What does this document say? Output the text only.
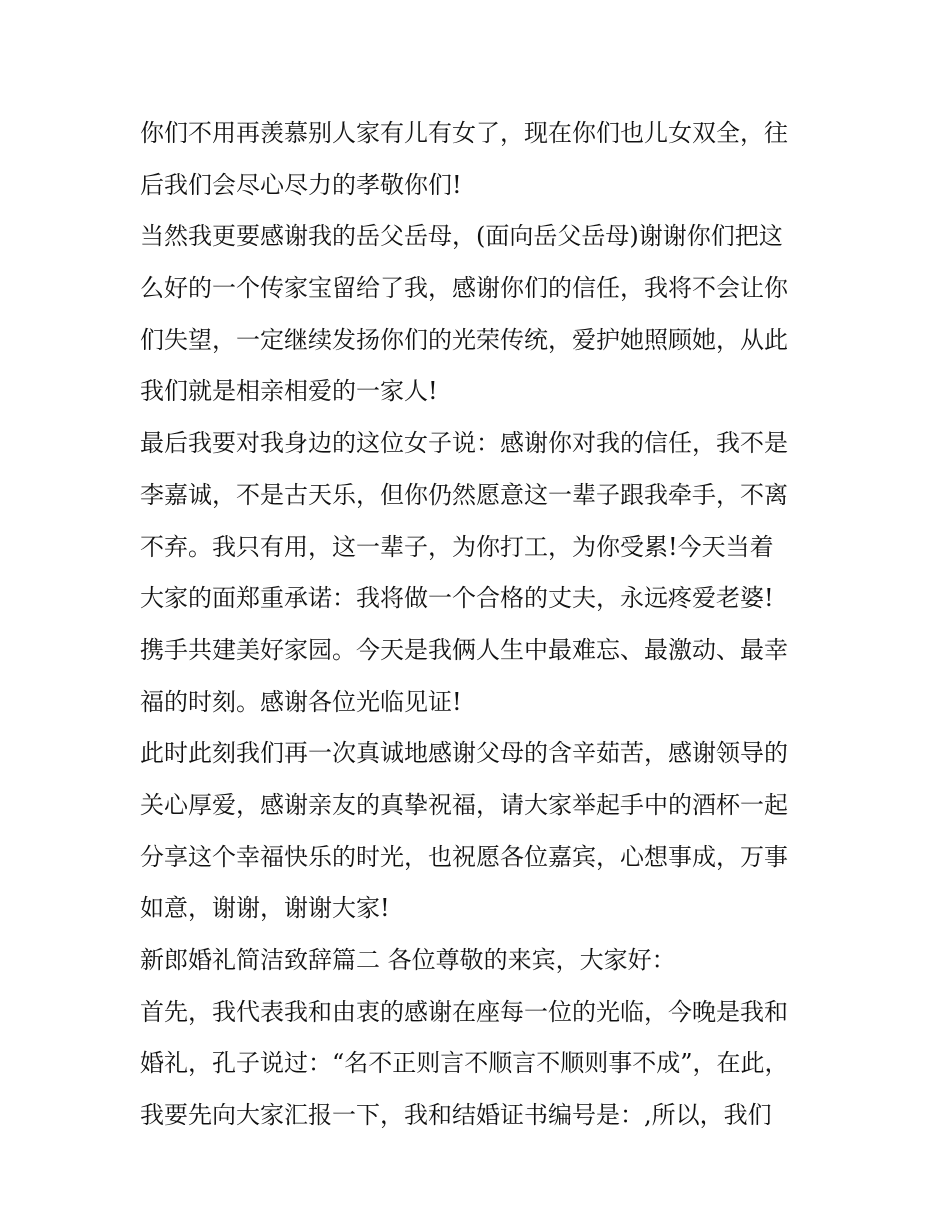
你们不用再羡慕别人家有儿有女了，现在你们也儿女双全，往
后我们会尽心尽力的孝敬你们!
当然我更要感谢我的岳父岳母，(面向岳父岳母)谢谢你们把这
么好的一个传家宝留给了我，感谢你们的信任，我将不会让你
们失望，一定继续发扬你们的光荣传统，爱护她照顾她，从此
我们就是相亲相爱的一家人!
最后我要对我身边的这位女子说：感谢你对我的信任，我不是
李嘉诚，不是古天乐，但你仍然愿意这一辈子跟我牵手，不离
不弃。我只有用，这一辈子，为你打工，为你受累!今天当着
大家的面郑重承诺：我将做一个合格的丈夫，永远疼爱老婆!
携手共建美好家园。今天是我俩人生中最难忘、最激动、最幸
福的时刻。感谢各位光临见证!
此时此刻我们再一次真诚地感谢父母的含辛茹苦，感谢领导的
关心厚爱，感谢亲友的真挚祝福，请大家举起手中的酒杯一起
分享这个幸福快乐的时光，也祝愿各位嘉宾，心想事成，万事
如意，谢谢，谢谢大家!
新郎婚礼简洁致辞篇二 各位尊敬的来宾，大家好：
首先，我代表我和由衷的感谢在座每一位的光临，今晚是我和
婚礼，孔子说过：“名不正则言不顺言不顺则事不成”，在此，
我要先向大家汇报一下，我和结婚证书编号是：,所以，我们
